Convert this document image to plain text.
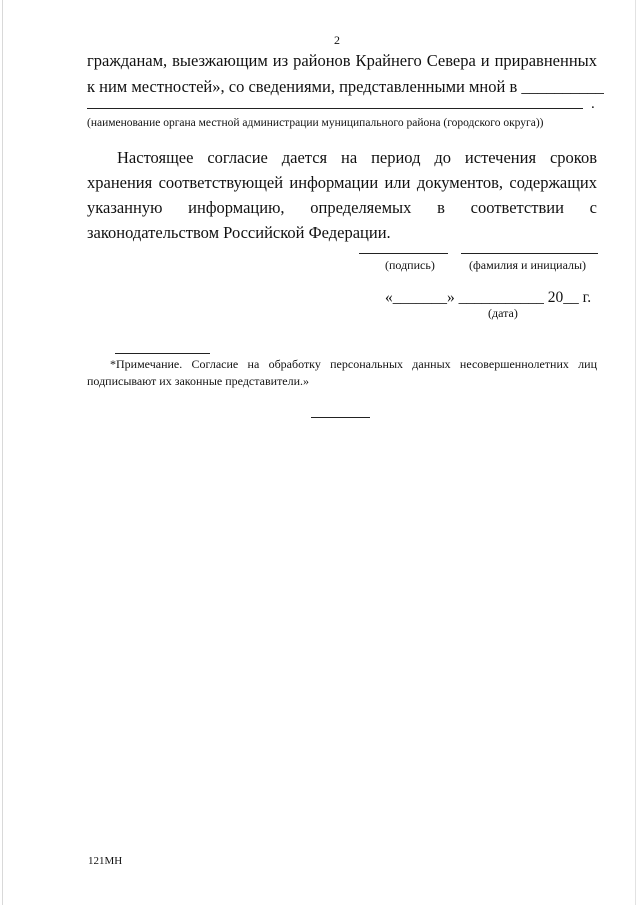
2
гражданам, выезжающим из районов Крайнего Севера и приравненных
к ним местностей», со сведениями, представленными мной в __________
.
(наименование органа местной администрации муниципального района (городского округа))
Настоящее согласие дается на период до истечения сроков хранения соответствующей информации или документов, содержащих указанную информацию, определяемых в соответствии с законодательством Российской Федерации.
(подпись)	(фамилия и инициалы)
«_______» ___________ 20__ г.
(дата)
*Примечание. Согласие на обработку персональных данных несовершеннолетних лиц подписывают их законные представители.»
121МН
